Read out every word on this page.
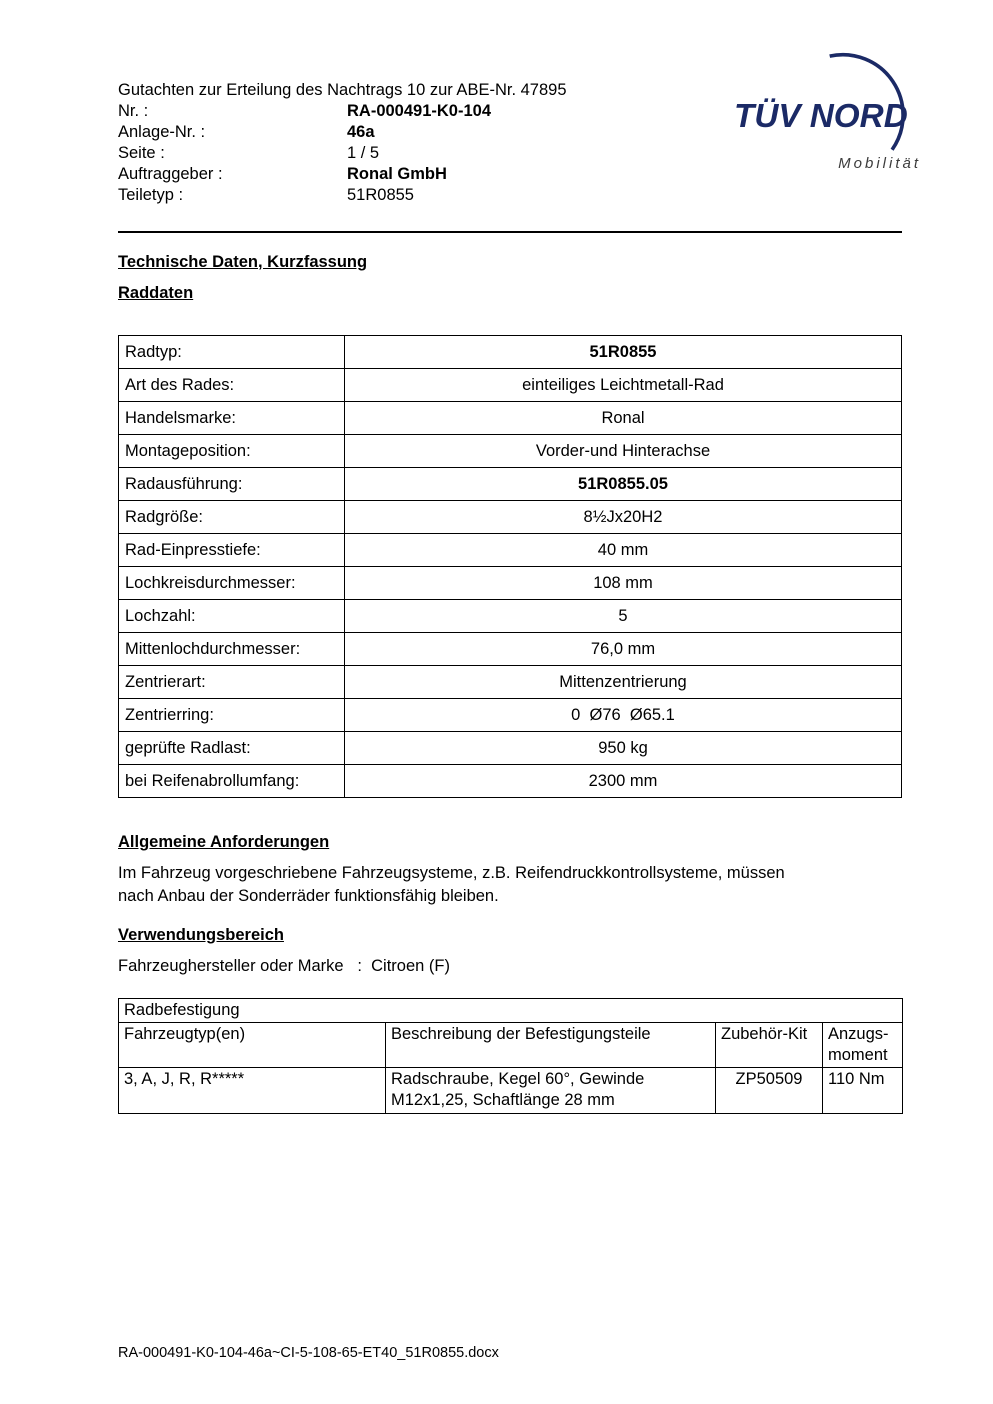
Gutachten zur Erteilung des Nachtrags 10 zur ABE-Nr. 47895
Nr. :	RA-000491-K0-104
Anlage-Nr. :	46a
Seite :	1 / 5
Auftraggeber :	Ronal GmbH
Teiletyp :	51R0855
TÜV NORD
Mobilität
Technische Daten, Kurzfassung
Raddaten
Radtyp:	51R0855
Art des Rades:	einteiliges Leichtmetall-Rad
Handelsmarke:	Ronal
Montageposition:	Vorder-und Hinterachse
Radausführung:	51R0855.05
Radgröße:	8½Jx20H2
Rad-Einpresstiefe:	40 mm
Lochkreisdurchmesser:	108 mm
Lochzahl:	5
Mittenlochdurchmesser:	76,0 mm
Zentrierart:	Mittenzentrierung
Zentrierring:	0  Ø76  Ø65.1
geprüfte Radlast:	950 kg
bei Reifenabrollumfang:	2300 mm
Allgemeine Anforderungen
Im Fahrzeug vorgeschriebene Fahrzeugsysteme, z.B. Reifendruckkontrollsysteme, müssen
nach Anbau der Sonderräder funktionsfähig bleiben.
Verwendungsbereich
Fahrzeughersteller oder Marke   :  Citroen (F)
Radbefestigung			
Fahrzeugtyp(en)	Beschreibung der Befestigungsteile	Zubehör-Kit	Anzugs-moment
3, A, J, R, R*****	Radschraube, Kegel 60°, Gewinde M12x1,25, Schaftlänge 28 mm	ZP50509	110 Nm
RA-000491-K0-104-46a~CI-5-108-65-ET40_51R0855.docx
